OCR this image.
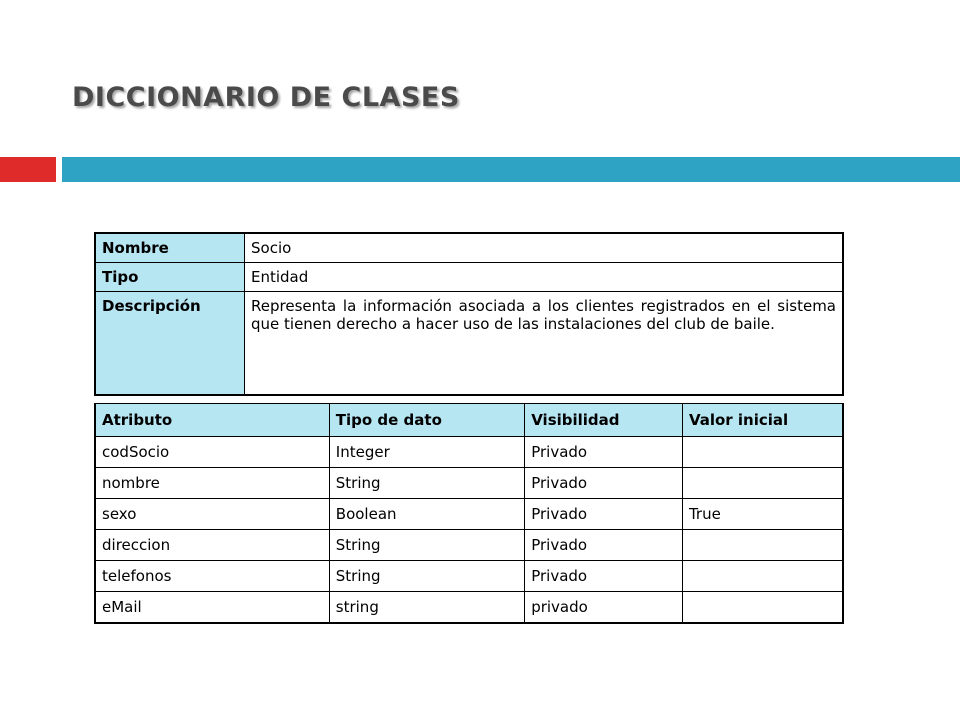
DICCIONARIO DE CLASES
Nombre	Socio
Tipo	Entidad
Descripción	Representa la información asociada a los clientes registrados en el sistema que tienen derecho a hacer uso de las instalaciones del club de baile.
Atributo	Tipo de dato	Visibilidad	Valor inicial
codSocio	Integer	Privado	
nombre	String	Privado	
sexo	Boolean	Privado	True
direccion	String	Privado	
telefonos	String	Privado	
eMail	string	privado	
